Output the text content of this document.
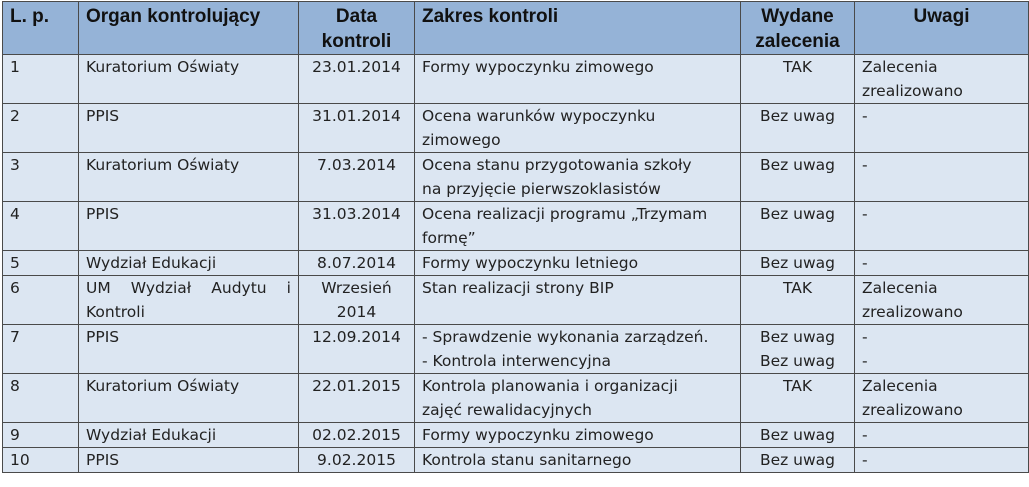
L. p.	Organ kontrolujący	Data kontroli	Zakres kontroli	Wydane zalecenia	Uwagi
1	Kuratorium Oświaty	23.01.2014	Formy wypoczynku zimowego	TAK	Zalecenia
zrealizowano

2	PPIS	31.01.2014	Ocena warunków wypoczynku
zimowego	Bez uwag	-

3	Kuratorium Oświaty	7.03.2014	Ocena stanu przygotowania szkoły
na przyjęcie pierwszoklasistów	Bez uwag	-

4	PPIS	31.03.2014	Ocena realizacji programu „Trzymam
formę”	Bez uwag	-

5	Wydział Edukacji	8.07.2014	Formy wypoczynku letniego	Bez uwag	-

6	UM Wydział Audytu i Kontroli	Wrzesień 2014	Stan realizacji strony BIP	TAK	Zalecenia
zrealizowano

7	PPIS	12.09.2014	- Sprawdzenie wykonania zarządzeń.
- Kontrola interwencyjna	Bez uwag
Bez uwag	-
-

8	Kuratorium Oświaty	22.01.2015	Kontrola planowania i organizacji
zajęć rewalidacyjnych	TAK	Zalecenia
zrealizowano

9	Wydział Edukacji	02.02.2015	Formy wypoczynku zimowego	Bez uwag	-

10	PPIS	9.02.2015	Kontrola stanu sanitarnego	Bez uwag	-
